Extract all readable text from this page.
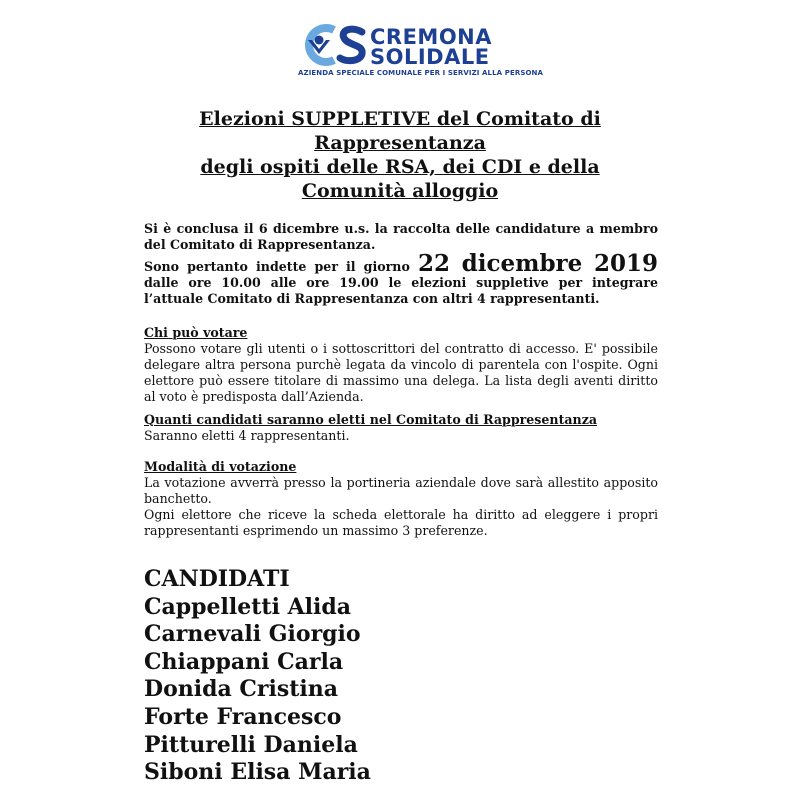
CREMONA
SOLIDALE
AZIENDA SPECIALE COMUNALE PER I SERVIZI ALLA PERSONA
Elezioni SUPPLETIVE del Comitato di
Rappresentanza
degli ospiti delle RSA, dei CDI e della
Comunità alloggio
Si è conclusa il 6 dicembre u.s. la raccolta delle candidature a membro del Comitato di Rappresentanza.
Sono pertanto indette per il giorno 22 dicembre 2019 dalle ore 10.00 alle ore 19.00 le elezioni suppletive per integrare l’attuale Comitato di Rappresentanza con altri 4 rappresentanti.
Chi può votare
Possono votare gli utenti o i sottoscrittori del contratto di accesso. E' possibile delegare altra persona purchè legata da vincolo di parentela con l'ospite. Ogni elettore può essere titolare di massimo una delega. La lista degli aventi diritto al voto è predisposta dall’Azienda.
Quanti candidati saranno eletti nel Comitato di Rappresentanza
Saranno eletti 4 rappresentanti.
Modalità di votazione
La votazione avverrà presso la portineria aziendale dove sarà allestito apposito banchetto.
Ogni elettore che riceve la scheda elettorale ha diritto ad eleggere i propri rappresentanti esprimendo un massimo 3 preferenze.
CANDIDATI
Cappelletti Alida
Carnevali Giorgio
Chiappani Carla
Donida Cristina
Forte Francesco
Pitturelli Daniela
Siboni Elisa Maria
